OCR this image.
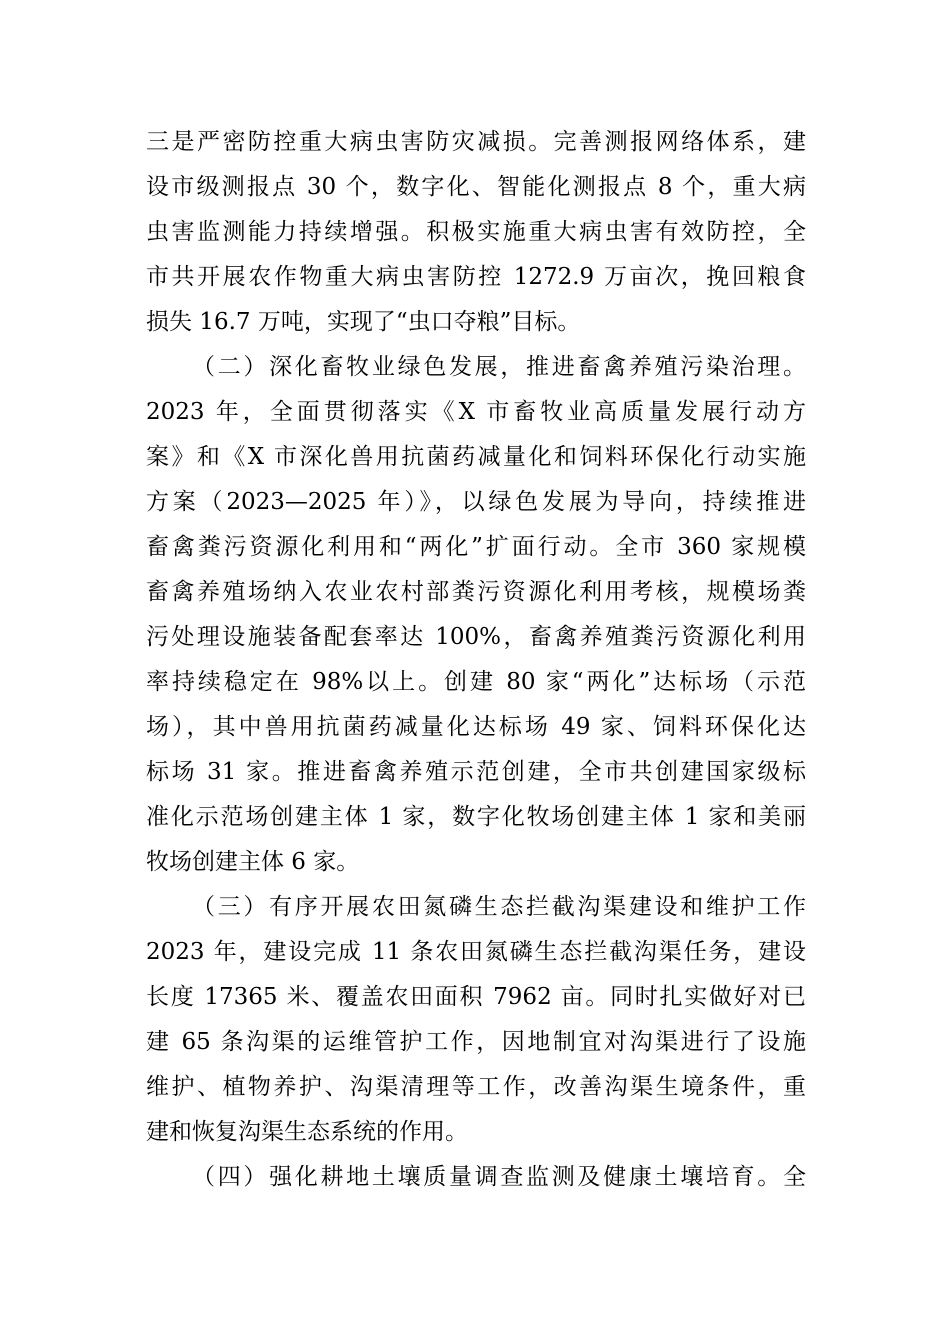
三是严密防控重大病虫害防灾减损。完善测报网络体系，建
设市级测报点 30 个，数字化、智能化测报点 8 个，重大病
虫害监测能力持续增强。积极实施重大病虫害有效防控，全
市共开展农作物重大病虫害防控 1272.9 万亩次，挽回粮食
损失 16.7 万吨，实现了“虫口夺粮”目标。
（二）深化畜牧业绿色发展，推进畜禽养殖污染治理。
2023 年，全面贯彻落实《X 市畜牧业高质量发展行动方
案》和《X 市深化兽用抗菌药减量化和饲料环保化行动实施
方案（2023—2025 年）》，以绿色发展为导向，持续推进
畜禽粪污资源化利用和“两化”扩面行动。全市 360 家规模
畜禽养殖场纳入农业农村部粪污资源化利用考核，规模场粪
污处理设施装备配套率达 100%，畜禽养殖粪污资源化利用
率持续稳定在 98%以上。创建 80 家“两化”达标场（示范
场），其中兽用抗菌药减量化达标场 49 家、饲料环保化达
标场 31 家。推进畜禽养殖示范创建，全市共创建国家级标
准化示范场创建主体 1 家，数字化牧场创建主体 1 家和美丽
牧场创建主体 6 家。
（三）有序开展农田氮磷生态拦截沟渠建设和维护工作
2023 年，建设完成 11 条农田氮磷生态拦截沟渠任务，建设
长度 17365 米、覆盖农田面积 7962 亩。同时扎实做好对已
建 65 条沟渠的运维管护工作，因地制宜对沟渠进行了设施
维护、植物养护、沟渠清理等工作，改善沟渠生境条件，重
建和恢复沟渠生态系统的作用。
（四）强化耕地土壤质量调查监测及健康土壤培育。全
